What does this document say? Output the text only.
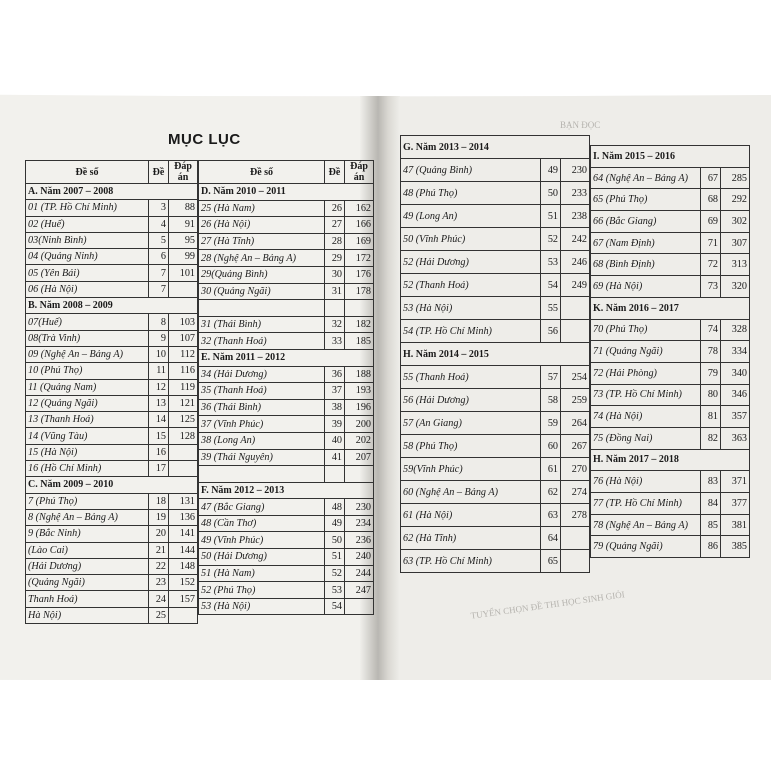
MỤC LỤC
Đề số	Đề	Đáp án
A. Năm 2007 – 2008		
01 (TP. Hồ Chí Minh)	3	88
02 (Huế)	4	91
03(Ninh Bình)	5	95
04 (Quảng Ninh)	6	99
05 (Yên Bái)	7	101
06 (Hà Nội)	7	
B. Năm 2008 – 2009		
07(Huế)	8	103
08(Trà Vinh)	9	107
09 (Nghệ An – Bảng A)	10	112
10 (Phú Thọ)	11	116
11 (Quảng Nam)	12	119
12 (Quảng Ngãi)	13	121
13 (Thanh Hoá)	14	125
14 (Vũng Tàu)	15	128
15 (Hà Nội)	16	
16 (Hồ Chí Minh)	17	
C. Năm 2009 – 2010		
7 (Phú Thọ)	18	131
8 (Nghệ An – Bảng A)	19	136
9 (Bắc Ninh)	20	141
(Lào Cai)	21	144
(Hải Dương)	22	148
(Quảng Ngãi)	23	152
Thanh Hoá)	24	157
Hà Nội)	25	
Đề số	Đề	Đáp án
D. Năm 2010 – 2011		
25 (Hà Nam)	26	162
26 (Hà Nội)	27	166
27 (Hà Tĩnh)	28	169
28 (Nghệ An – Bảng A)	29	172
29(Quảng Bình)	30	176
30 (Quảng Ngãi)	31	178

31 (Thái Bình)	32	182
32 (Thanh Hoá)	33	185
E. Năm 2011 – 2012		
34 (Hải Dương)	36	188
35 (Thanh Hoá)	37	193
36 (Thái Bình)	38	196
37 (Vĩnh Phúc)	39	200
38 (Long An)	40	202
39 (Thái Nguyên)	41	207

F. Năm 2012 – 2013		
47 (Bắc Giang)	48	230
48 (Cần Thơ)	49	234
49 (Vĩnh Phúc)	50	236
50 (Hải Dương)	51	240
51 (Hà Nam)	52	244
52 (Phú Thọ)	53	247
53 (Hà Nội)	54	
G. Năm 2013 – 2014		
47 (Quảng Bình)	49	230
48 (Phú Thọ)	50	233
49 (Long An)	51	238
50 (Vĩnh Phúc)	52	242
52 (Hải Dương)	53	246
52 (Thanh Hoá)	54	249
53 (Hà Nội)	55	
54 (TP. Hồ Chí Minh)	56	
H. Năm 2014 – 2015		
55 (Thanh Hoá)	57	254
56 (Hải Dương)	58	259
57 (An Giang)	59	264
58 (Phú Thọ)	60	267
59(Vĩnh Phúc)	61	270
60 (Nghệ An – Bảng A)	62	274
61 (Hà Nội)	63	278
62 (Hà Tĩnh)	64	
63 (TP. Hồ Chí Minh)	65	
I. Năm 2015 – 2016		
64 (Nghệ An – Bảng A)	67	285
65 (Phú Thọ)	68	292
66 (Bắc Giang)	69	302
67 (Nam Định)	71	307
68 (Bình Định)	72	313
69 (Hà Nội)	73	320
K. Năm 2016 – 2017		
70 (Phú Thọ)	74	328
71 (Quảng Ngãi)	78	334
72 (Hải Phòng)	79	340
73 (TP. Hồ Chí Minh)	80	346
74 (Hà Nội)	81	357
75 (Đồng Nai)	82	363
H. Năm 2017 – 2018		
76 (Hà Nội)	83	371
77 (TP. Hồ Chí Minh)	84	377
78 (Nghệ An – Bảng A)	85	381
79 (Quảng Ngãi)	86	385
BẠN ĐỌC
TUYỂN CHỌN ĐỀ THI HỌC SINH GIỎI
